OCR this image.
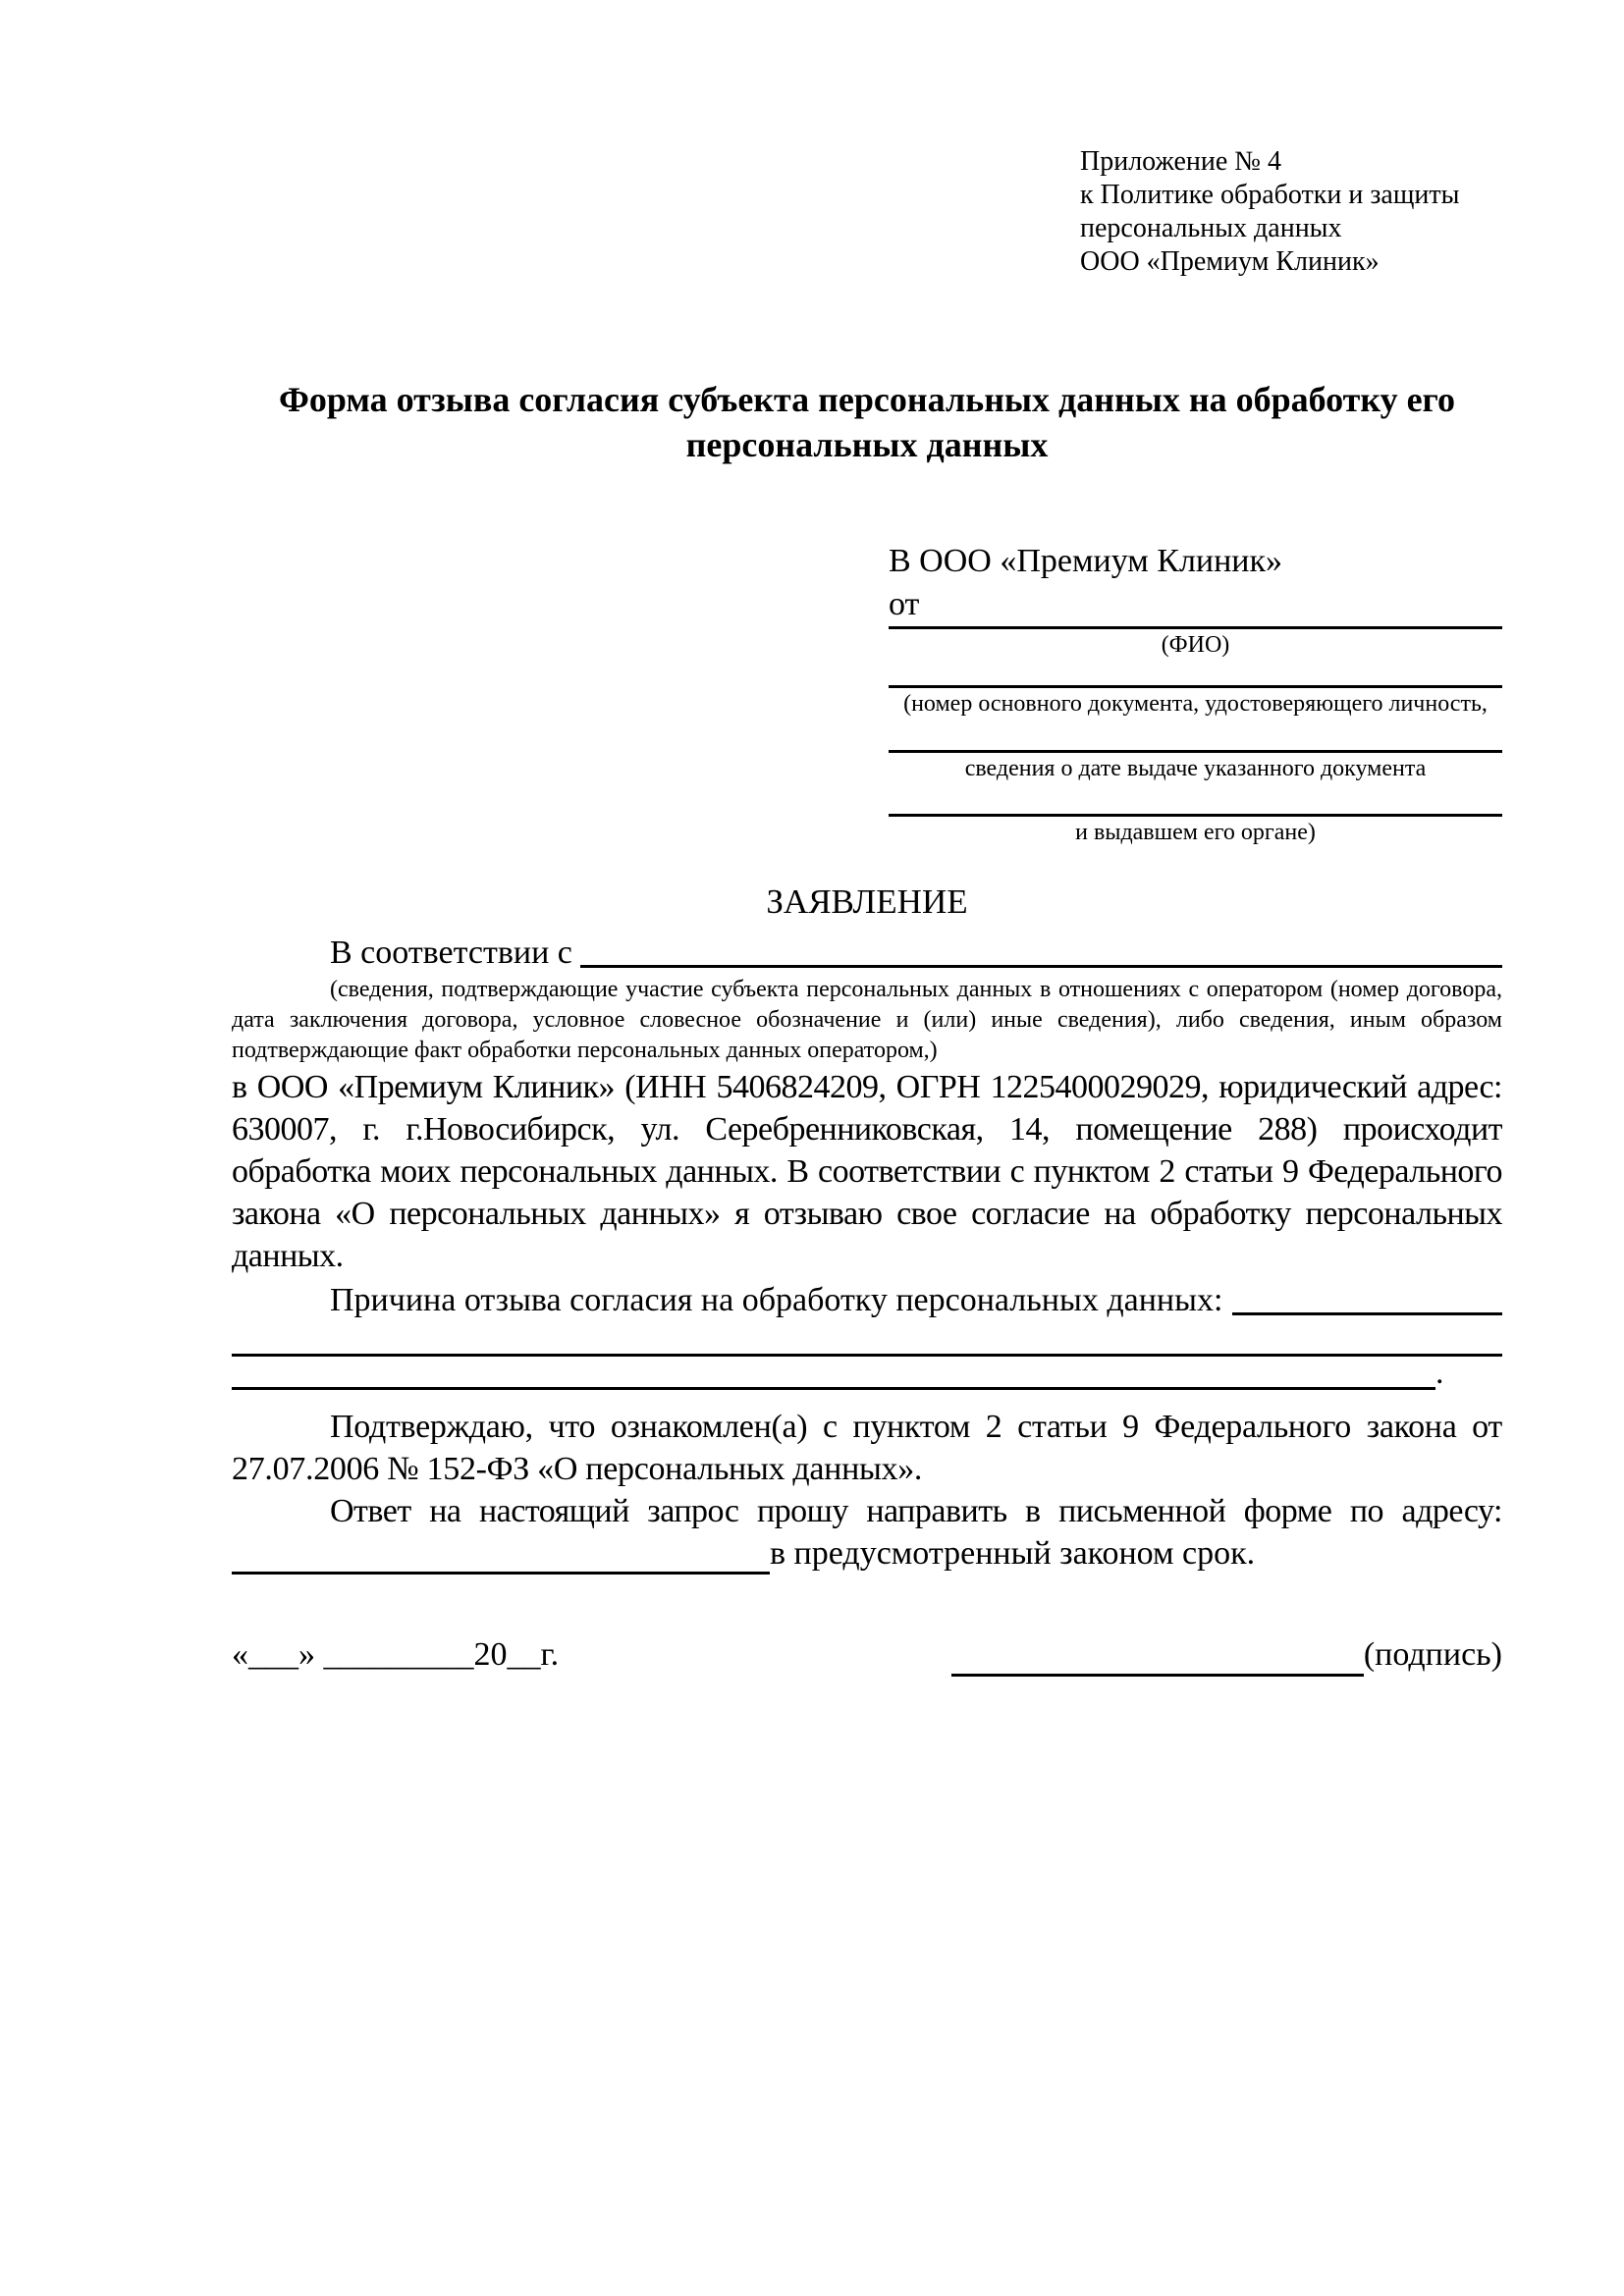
Приложение № 4
к Политике обработки и защиты
персональных данных
ООО «Премиум Клиник»
Форма отзыва согласия субъекта персональных данных на обработку его персональных данных
В ООО «Премиум Клиник»
от
(ФИО)
(номер основного документа, удостоверяющего личность,
сведения о дате выдаче указанного документа
и выдавшем его органе)
ЗАЯВЛЕНИЕ
В соответствии с
(сведения, подтверждающие участие субъекта персональных данных в отношениях с оператором (номер договора, дата заключения договора, условное словесное обозначение и (или) иные сведения), либо сведения, иным образом подтверждающие факт обработки персональных данных оператором,)
в ООО «Премиум Клиник» (ИНН 5406824209, ОГРН 1225400029029, юридический адрес: 630007, г. г.Новосибирск, ул. Серебренниковская, 14, помещение 288) происходит обработка моих персональных данных. В соответствии с пунктом 2 статьи 9 Федерального закона «О персональных данных» я отзываю свое согласие на обработку персональных данных.
Причина отзыва согласия на обработку персональных данных:
.
Подтверждаю, что ознакомлен(а) с пунктом 2 статьи 9 Федерального закона от 27.07.2006 № 152-ФЗ «О персональных данных».
Ответ на настоящий запрос прошу направить в письменной форме по адресу:
в предусмотренный законом срок.
«___» _________20__г.	(подпись)
